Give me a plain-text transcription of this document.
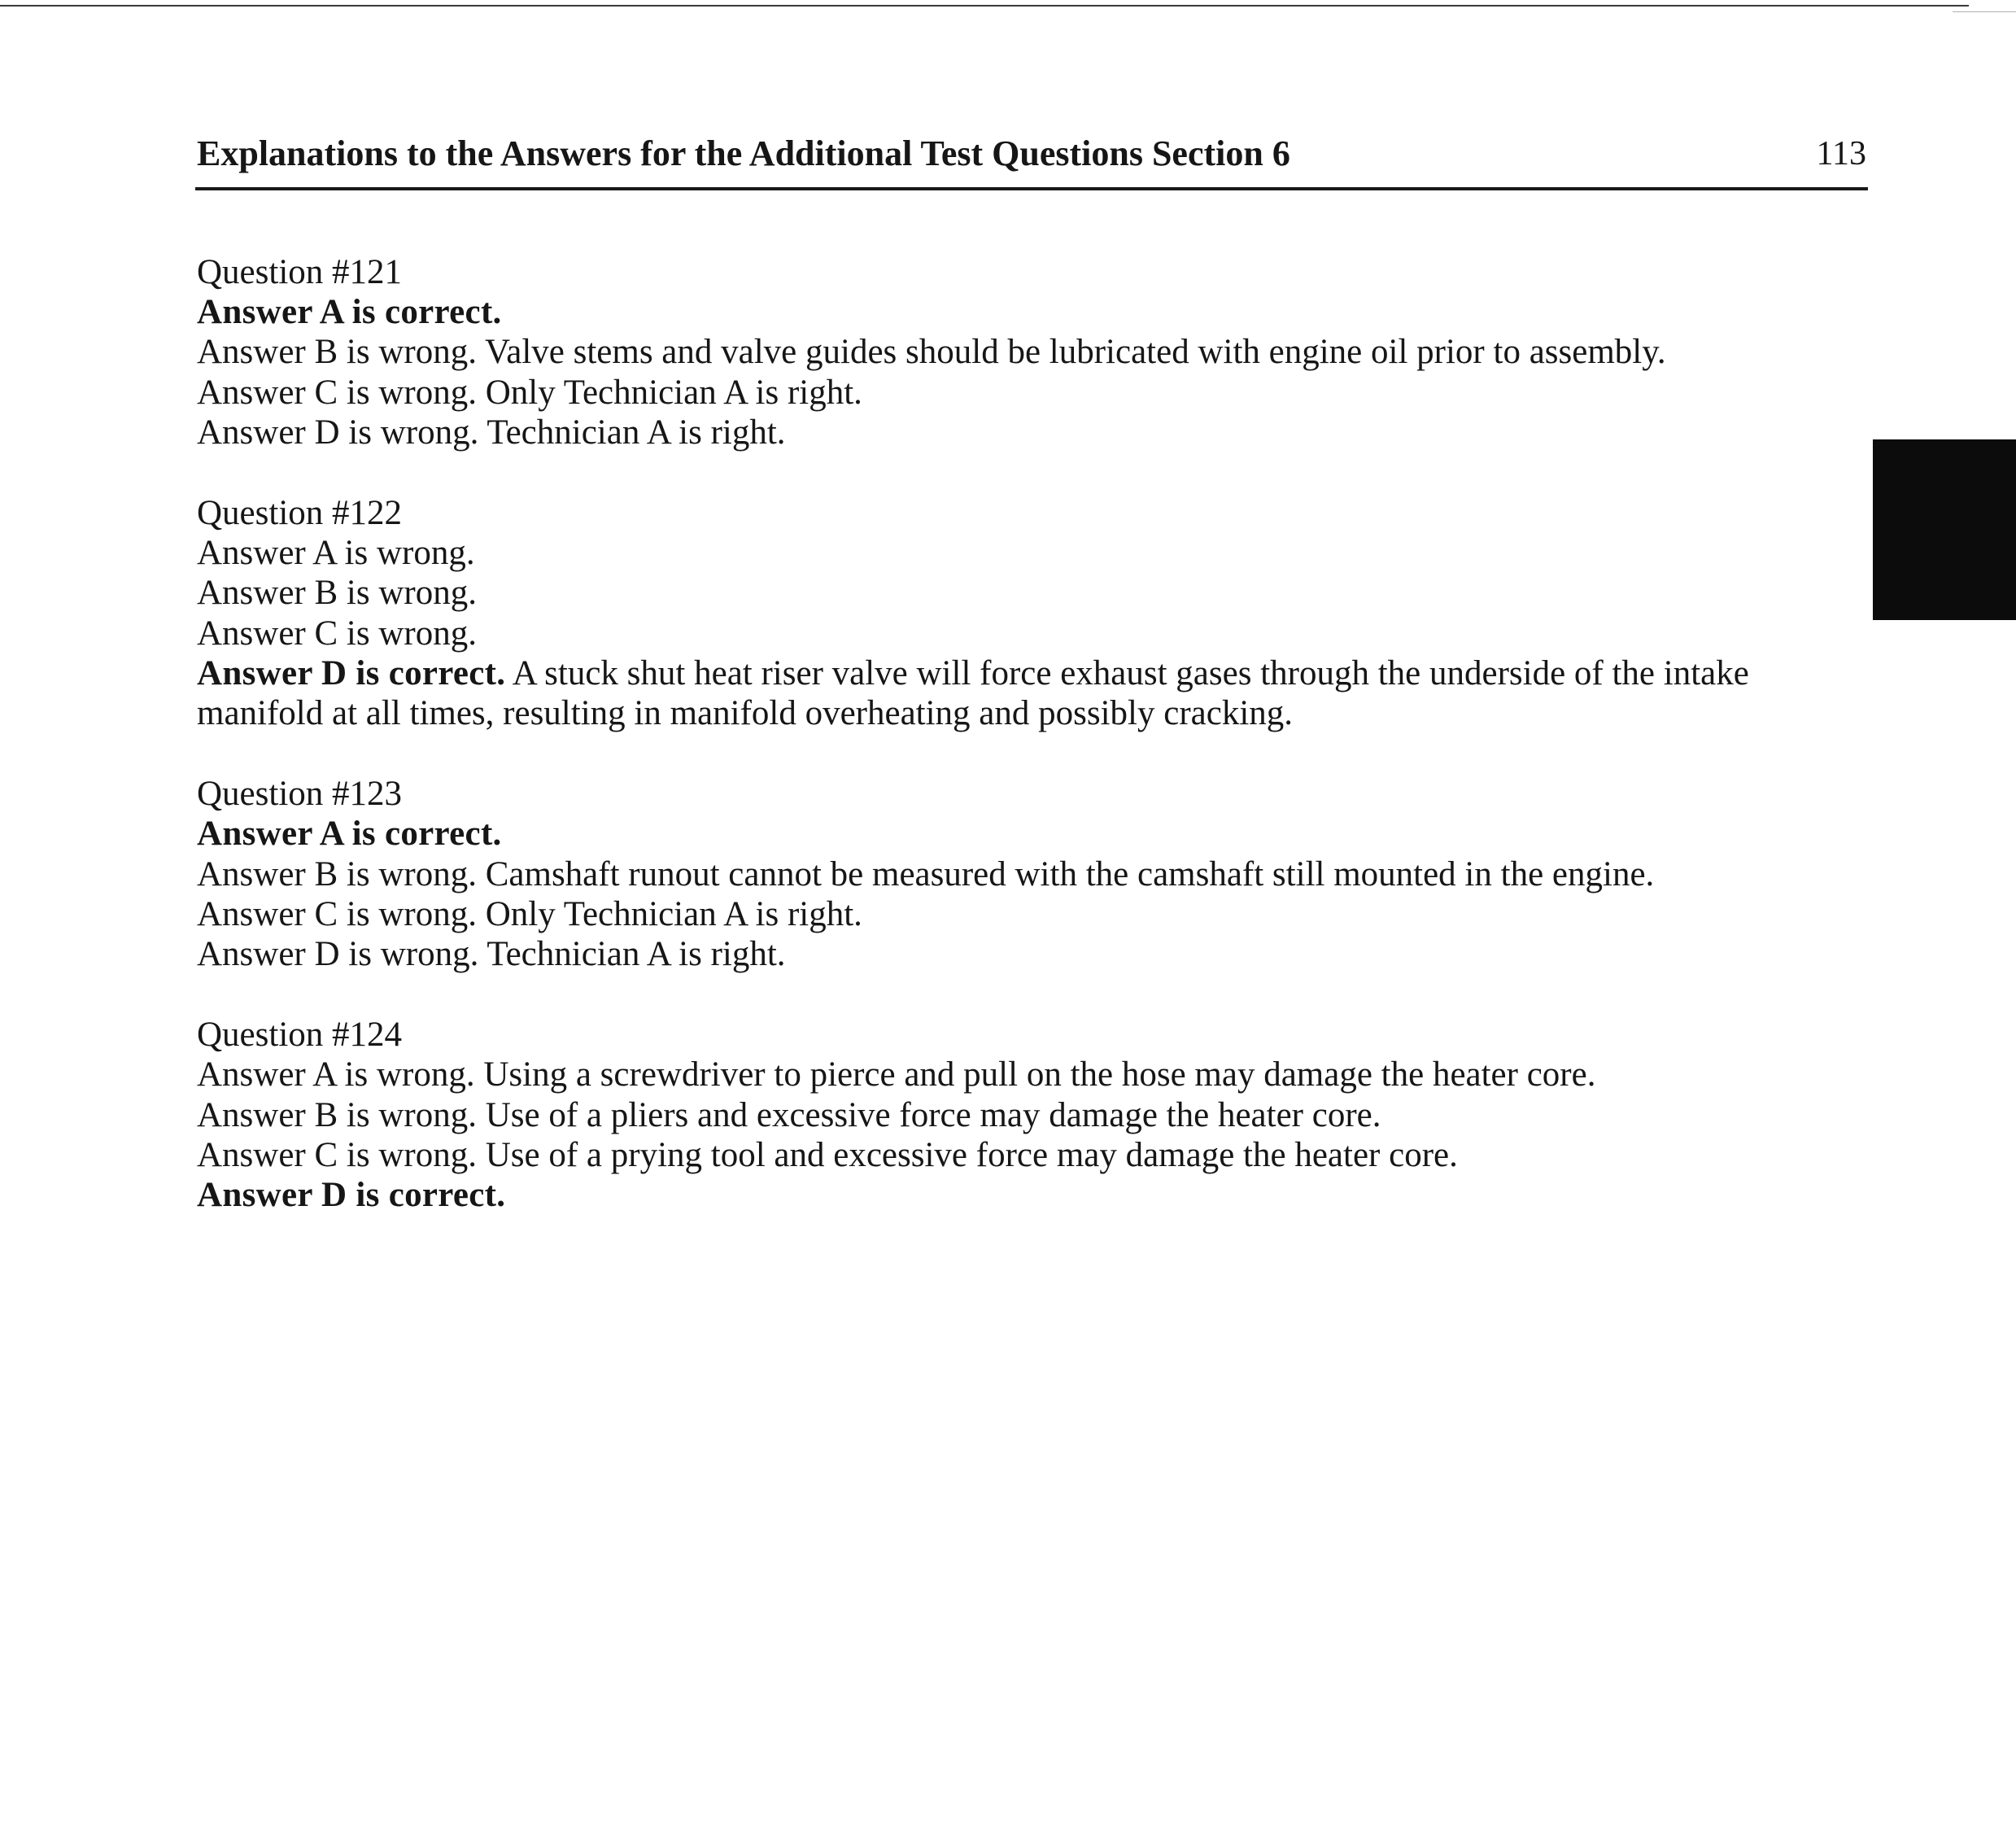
Explanations to the Answers for the Additional Test Questions Section 6	113
Question #121
Answer A is correct.
Answer B is wrong. Valve stems and valve guides should be lubricated with engine oil prior to assembly.
Answer C is wrong. Only Technician A is right.
Answer D is wrong. Technician A is right.
Question #122
Answer A is wrong.
Answer B is wrong.
Answer C is wrong.
Answer D is correct. A stuck shut heat riser valve will force exhaust gases through the underside of the intake manifold at all times, resulting in manifold overheating and possibly cracking.
Question #123
Answer A is correct.
Answer B is wrong. Camshaft runout cannot be measured with the camshaft still mounted in the engine.
Answer C is wrong. Only Technician A is right.
Answer D is wrong. Technician A is right.
Question #124
Answer A is wrong. Using a screwdriver to pierce and pull on the hose may damage the heater core.
Answer B is wrong. Use of a pliers and excessive force may damage the heater core.
Answer C is wrong. Use of a prying tool and excessive force may damage the heater core.
Answer D is correct.
